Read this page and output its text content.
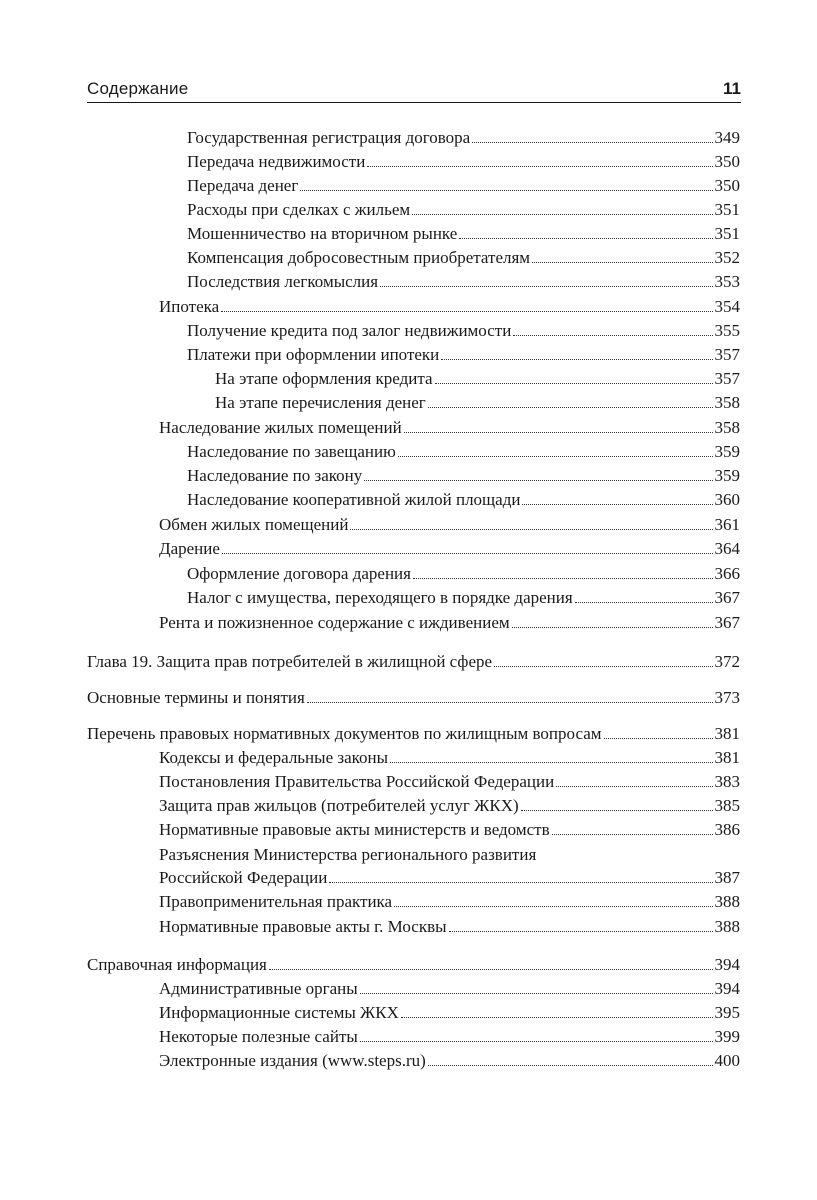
Содержание	11
Государственная регистрация договора	349
Передача недвижимости	350
Передача денег	350
Расходы при сделках с жильем	351
Мошенничество на вторичном рынке	351
Компенсация добросовестным приобретателям	352
Последствия легкомыслия	353
Ипотека	354
Получение кредита под залог недвижимости	355
Платежи при оформлении ипотеки	357
На этапе оформления кредита	357
На этапе перечисления денег	358
Наследование жилых помещений	358
Наследование по завещанию	359
Наследование по закону	359
Наследование кооперативной жилой площади	360
Обмен жилых помещений	361
Дарение	364
Оформление договора дарения	366
Налог с имущества, переходящего в порядке дарения	367
Рента и пожизненное содержание с иждивением	367
Глава 19. Защита прав потребителей в жилищной сфере	372
Основные термины и понятия	373
Перечень правовых нормативных документов по жилищным вопросам	381
Кодексы и федеральные законы	381
Постановления Правительства Российской Федерации	383
Защита прав жильцов (потребителей услуг ЖКХ)	385
Нормативные правовые акты министерств и ведомств	386
Разъяснения Министерства регионального развития
Российской Федерации	387
Правоприменительная практика	388
Нормативные правовые акты г. Москвы	388
Справочная информация	394
Административные органы	394
Информационные системы ЖКХ	395
Некоторые полезные сайты	399
Электронные издания (www.steps.ru)	400
